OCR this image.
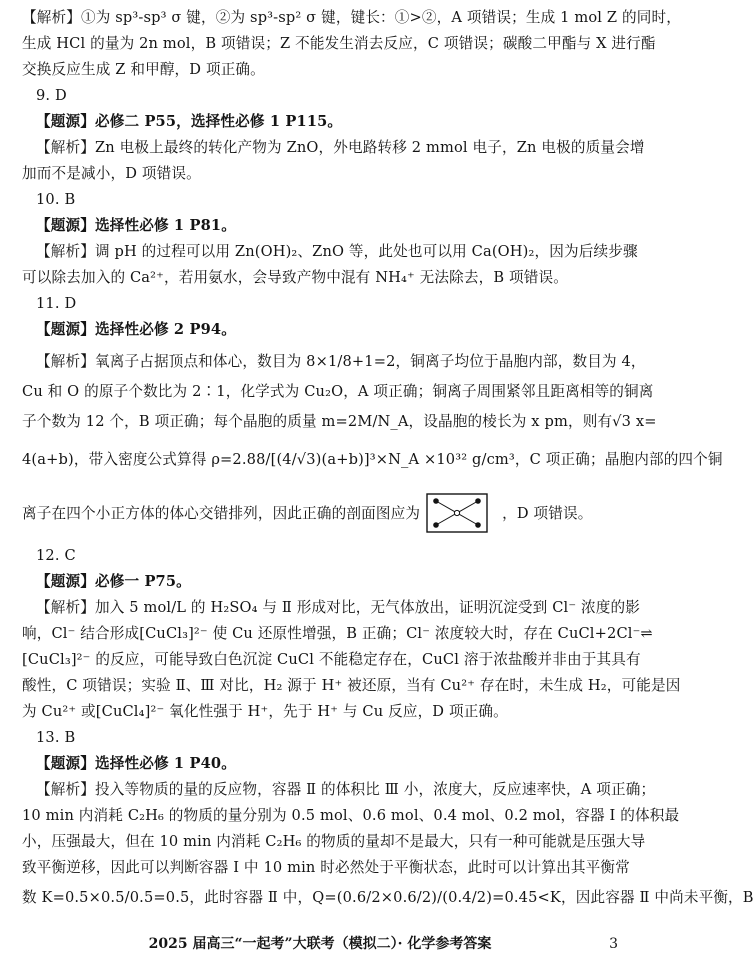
【解析】①为 sp³-sp³ σ 键，②为 sp³-sp² σ 键，键长：①>②，A 项错误；生成 1 mol Z 的同时，
生成 HCl 的量为 2n mol，B 项错误；Z 不能发生消去反应，C 项错误；碳酸二甲酯与 X 进行酯
交换反应生成 Z 和甲醇，D 项正确。
9. D
【题源】必修二 P55，选择性必修 1 P115。
【解析】Zn 电极上最终的转化产物为 ZnO，外电路转移 2 mmol 电子，Zn 电极的质量会增
加而不是减小，D 项错误。
10. B
【题源】选择性必修 1 P81。
【解析】调 pH 的过程可以用 Zn(OH)₂、ZnO 等，此处也可以用 Ca(OH)₂，因为后续步骤
可以除去加入的 Ca²⁺，若用氨水，会导致产物中混有 NH₄⁺ 无法除去，B 项错误。
11. D
【题源】选择性必修 2 P94。
【解析】氧离子占据顶点和体心，数目为 8×1/8+1=2，铜离子均位于晶胞内部，数目为 4，
Cu 和 O 的原子个数比为 2∶1，化学式为 Cu₂O，A 项正确；铜离子周围紧邻且距离相等的铜离
子个数为 12 个，B 项正确；每个晶胞的质量 m=2M/N_A，设晶胞的棱长为 x pm，则有√3 x=
4(a+b)，带入密度公式算得 ρ=2.88/[(4/√3)(a+b)]³×N_A ×10³² g/cm³，C 项正确；晶胞内部的四个铜
离子在四个小正方体的体心交错排列，因此正确的剖面图应为	，D 项错误。
12. C
【题源】必修一 P75。
【解析】加入 5 mol/L 的 H₂SO₄ 与 Ⅱ 形成对比，无气体放出，证明沉淀受到 Cl⁻ 浓度的影
响，Cl⁻ 结合形成[CuCl₃]²⁻ 使 Cu 还原性增强，B 正确；Cl⁻ 浓度较大时，存在 CuCl+2Cl⁻⇌
[CuCl₃]²⁻ 的反应，可能导致白色沉淀 CuCl 不能稳定存在，CuCl 溶于浓盐酸并非由于其具有
酸性，C 项错误；实验 Ⅱ、Ⅲ 对比，H₂ 源于 H⁺ 被还原，当有 Cu²⁺ 存在时，未生成 H₂，可能是因
为 Cu²⁺ 或[CuCl₄]²⁻ 氧化性强于 H⁺，先于 H⁺ 与 Cu 反应，D 项正确。
13. B
【题源】选择性必修 1 P40。
【解析】投入等物质的量的反应物，容器 Ⅱ 的体积比 Ⅲ 小，浓度大，反应速率快，A 项正确；
10 min 内消耗 C₂H₆ 的物质的量分别为 0.5 mol、0.6 mol、0.4 mol、0.2 mol，容器 Ⅰ 的体积最
小，压强最大，但在 10 min 内消耗 C₂H₆ 的物质的量却不是最大，只有一种可能就是压强大导
致平衡逆移，因此可以判断容器 Ⅰ 中 10 min 时必然处于平衡状态，此时可以计算出其平衡常
数 K=0.5×0.5/0.5=0.5，此时容器 Ⅱ 中，Q=(0.6/2×0.6/2)/(0.4/2)=0.45<K，因此容器 Ⅱ 中尚未平衡，B
2025 届高三“一起考”大联考（模拟二）· 化学参考答案	3
